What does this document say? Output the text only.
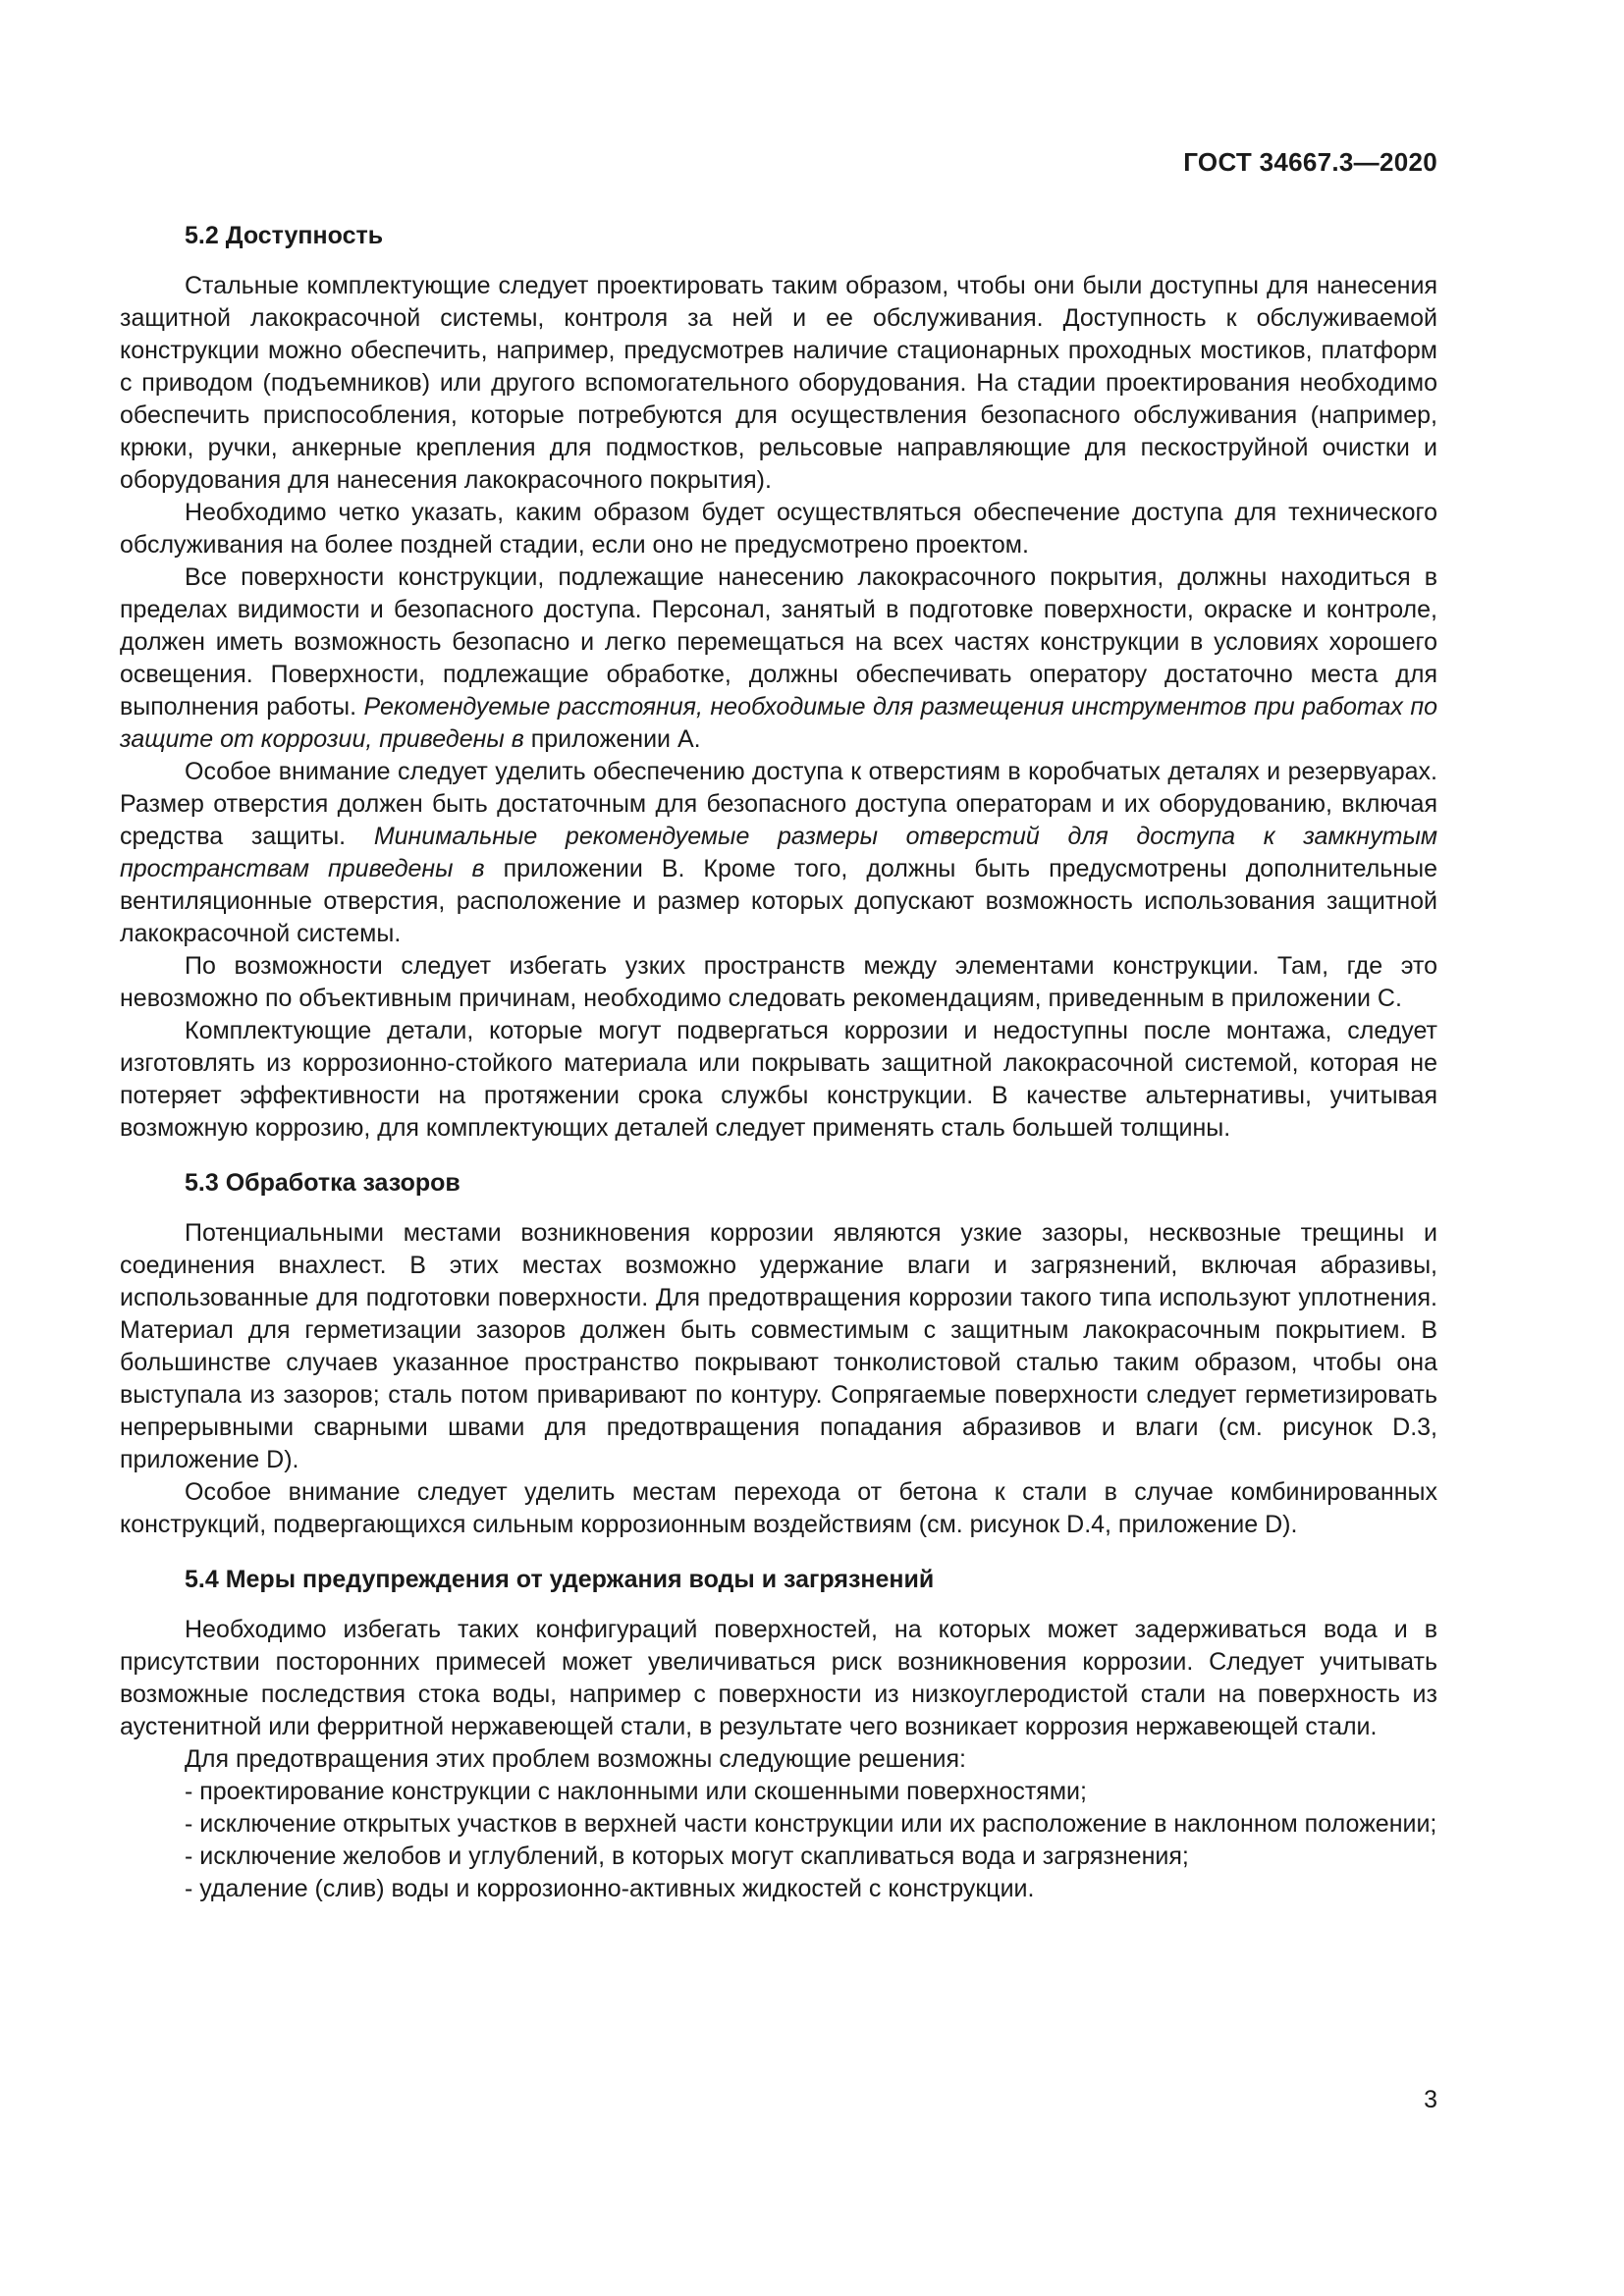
ГОСТ 34667.3—2020
5.2 Доступность

Стальные комплектующие следует проектировать таким образом, чтобы они были доступны для нанесения защитной лакокрасочной системы, контроля за ней и ее обслуживания. Доступность к обслуживаемой конструкции можно обеспечить, например, предусмотрев наличие стационарных проходных мостиков, платформ с приводом (подъемников) или другого вспомогательного оборудования. На стадии проектирования необходимо обеспечить приспособления, которые потребуются для осуществления безопасного обслуживания (например, крюки, ручки, анкерные крепления для подмостков, рельсовые направляющие для пескоструйной очистки и оборудования для нанесения лакокрасочного покрытия).

Необходимо четко указать, каким образом будет осуществляться обеспечение доступа для технического обслуживания на более поздней стадии, если оно не предусмотрено проектом.

Все поверхности конструкции, подлежащие нанесению лакокрасочного покрытия, должны находиться в пределах видимости и безопасного доступа. Персонал, занятый в подготовке поверхности, окраске и контроле, должен иметь возможность безопасно и легко перемещаться на всех частях конструкции в условиях хорошего освещения. Поверхности, подлежащие обработке, должны обеспечивать оператору достаточно места для выполнения работы. Рекомендуемые расстояния, необходимые для размещения инструментов при работах по защите от коррозии, приведены в приложении А.

Особое внимание следует уделить обеспечению доступа к отверстиям в коробчатых деталях и резервуарах. Размер отверстия должен быть достаточным для безопасного доступа операторам и их оборудованию, включая средства защиты. Минимальные рекомендуемые размеры отверстий для доступа к замкнутым пространствам приведены в приложении В. Кроме того, должны быть предусмотрены дополнительные вентиляционные отверстия, расположение и размер которых допускают возможность использования защитной лакокрасочной системы.

По возможности следует избегать узких пространств между элементами конструкции. Там, где это невозможно по объективным причинам, необходимо следовать рекомендациям, приведенным в приложении С.

Комплектующие детали, которые могут подвергаться коррозии и недоступны после монтажа, следует изготовлять из коррозионно-стойкого материала или покрывать защитной лакокрасочной системой, которая не потеряет эффективности на протяжении срока службы конструкции. В качестве альтернативы, учитывая возможную коррозию, для комплектующих деталей следует применять сталь большей толщины.

5.3 Обработка зазоров

Потенциальными местами возникновения коррозии являются узкие зазоры, несквозные трещины и соединения внахлест. В этих местах возможно удержание влаги и загрязнений, включая абразивы, использованные для подготовки поверхности. Для предотвращения коррозии такого типа используют уплотнения. Материал для герметизации зазоров должен быть совместимым с защитным лакокрасочным покрытием. В большинстве случаев указанное пространство покрывают тонколистовой сталью таким образом, чтобы она выступала из зазоров; сталь потом приваривают по контуру. Сопрягаемые поверхности следует герметизировать непрерывными сварными швами для предотвращения попадания абразивов и влаги (см. рисунок D.3, приложение D).

Особое внимание следует уделить местам перехода от бетона к стали в случае комбинированных конструкций, подвергающихся сильным коррозионным воздействиям (см. рисунок D.4, приложение D).

5.4 Меры предупреждения от удержания воды и загрязнений

Необходимо избегать таких конфигураций поверхностей, на которых может задерживаться вода и в присутствии посторонних примесей может увеличиваться риск возникновения коррозии. Следует учитывать возможные последствия стока воды, например с поверхности из низкоуглеродистой стали на поверхность из аустенитной или ферритной нержавеющей стали, в результате чего возникает коррозия нержавеющей стали.

Для предотвращения этих проблем возможны следующие решения:

- проектирование конструкции с наклонными или скошенными поверхностями;
- исключение открытых участков в верхней части конструкции или их расположение в наклонном положении;
- исключение желобов и углублений, в которых могут скапливаться вода и загрязнения;
- удаление (слив) воды и коррозионно-активных жидкостей с конструкции.
3
